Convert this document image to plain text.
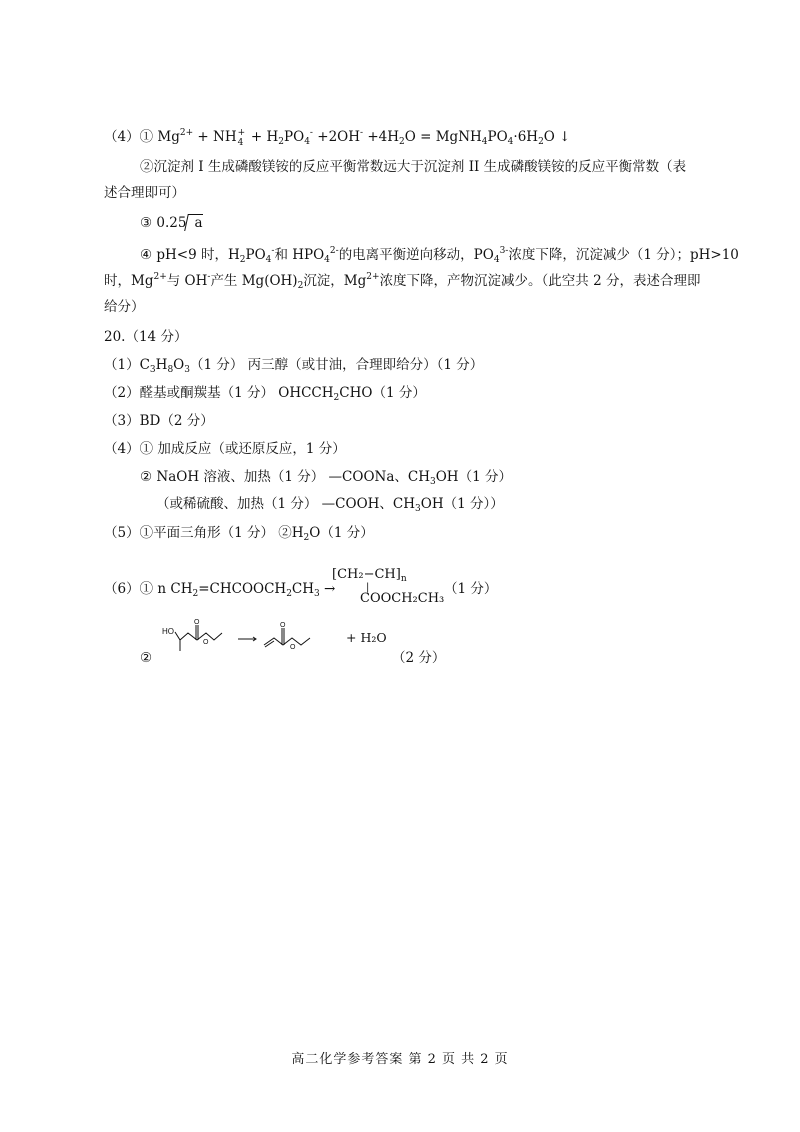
（4）① $Mg^{2+}$ + NH +
$4 + H_2PO_4^- +2OH^- +4H_2O$ = $MgNH_4PO_4\cdot 6H_2O$ ↓
②沉淀剂 I 生成磷酸镁铵的反应平衡常数远大于沉淀剂 II 生成磷酸镁铵的反应平衡常数（表
述合理即可）
③ 0.25 a
④ pH<9 时，$H_2PO_4^-$和 $HPO_4^{2-}$的电离平衡逆向移动，$PO_4^{3-}$浓度下降，沉淀减少（1 分）；pH>10
时，$Mg^{2+}$与 OH-产生 $Mg(OH)_2$沉淀，$Mg^{2+}$浓度下降，产物沉淀减少。（此空共 2 分，表述合理即
给分）
20.（14 分）
$(1)C_3H_8O_3(1$ 分） 丙三醇（或甘油，合理即给分）（1 分）
（2）醛基或酮羰基（1 分） $OHCCH_2CHO(1$ 分）
（3）BD（2 分）
（4）① 加成反应（或还原反应，1 分）
② NaOH 溶液、加热（1 分） —COONa、$CH_3OH(1$ 分）
（或稀硫酸、加热（1 分） —COOH、$CH_3OH(1$ 分））
（5）①平面三角形（1 分） $②H_2O(1$ 分）
（6）① n $CH_2=CHCOOCH_2CH_3$ →
$[CH_2-CH]_n$
|
COOCH₂CH₃
（1 分）
②
HO
O
O
O
O
+ H₂O
（2 分）
高二化学参考答案 第 2 页 共 2 页
